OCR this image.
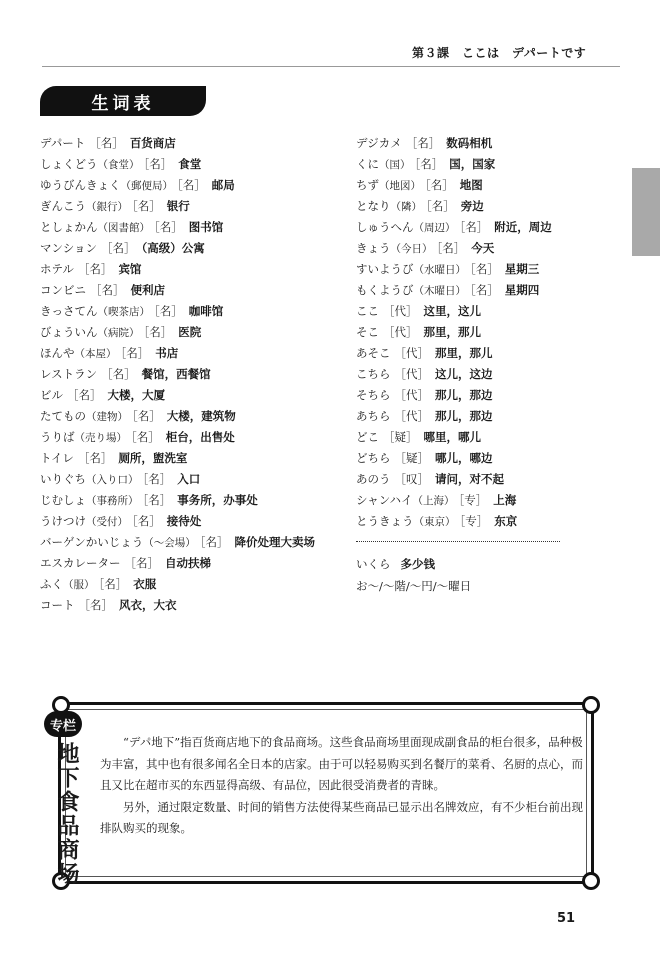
第３課　ここは　デパートです
生词表
デパート ［名］ 百货商店
しょくどう（食堂） ［名］ 食堂
ゆうびんきょく（郵便局） ［名］ 邮局
ぎんこう（銀行） ［名］ 银行
としょかん（図書館） ［名］ 图书馆
マンション ［名］ （高级）公寓
ホテル ［名］ 宾馆
コンビニ ［名］ 便利店
きっさてん（喫茶店） ［名］ 咖啡馆
びょういん（病院） ［名］ 医院
ほんや（本屋） ［名］ 书店
レストラン ［名］ 餐馆，西餐馆
ビル ［名］ 大楼，大厦
たてもの（建物） ［名］ 大楼，建筑物
うりば（売り場） ［名］ 柜台，出售处
トイレ ［名］ 厕所，盥洗室
いりぐち（入り口） ［名］ 入口
じむしょ（事務所） ［名］ 事务所，办事处
うけつけ（受付） ［名］ 接待处
バーゲンかいじょう（～会場） ［名］ 降价处理大卖场
エスカレーター ［名］ 自动扶梯
ふく（服） ［名］ 衣服
コート ［名］ 风衣，大衣
デジカメ ［名］ 数码相机
くに（国） ［名］ 国，国家
ちず（地図） ［名］ 地图
となり（隣） ［名］ 旁边
しゅうへん（周辺） ［名］ 附近，周边
きょう（今日） ［名］ 今天
すいようび（水曜日） ［名］ 星期三
もくようび（木曜日） ［名］ 星期四
ここ ［代］ 这里，这儿
そこ ［代］ 那里，那儿
あそこ ［代］ 那里，那儿
こちら ［代］ 这儿，这边
そちら ［代］ 那儿，那边
あちら ［代］ 那儿，那边
どこ ［疑］ 哪里，哪儿
どちら ［疑］ 哪儿，哪边
あのう ［叹］ 请问，对不起
シャンハイ（上海） ［专］ 上海
とうきょう（東京） ［专］ 东京
いくら 多少钱
お～/～階/～円/～曜日
专栏
地下食品商场	“デパ地下”指百货商店地下的食品商场。这些食品商场里面现成副食品的柜台很多，品种极为丰富，其中也有很多闻名全日本的店家。由于可以轻易购买到名餐厅的菜肴、名厨的点心，而且又比在超市买的东西显得高级、有品位，因此很受消费者的青睐。

另外，通过限定数量、时间的销售方法使得某些商品已显示出名牌效应，有不少柜台前出现排队购买的现象。

51
